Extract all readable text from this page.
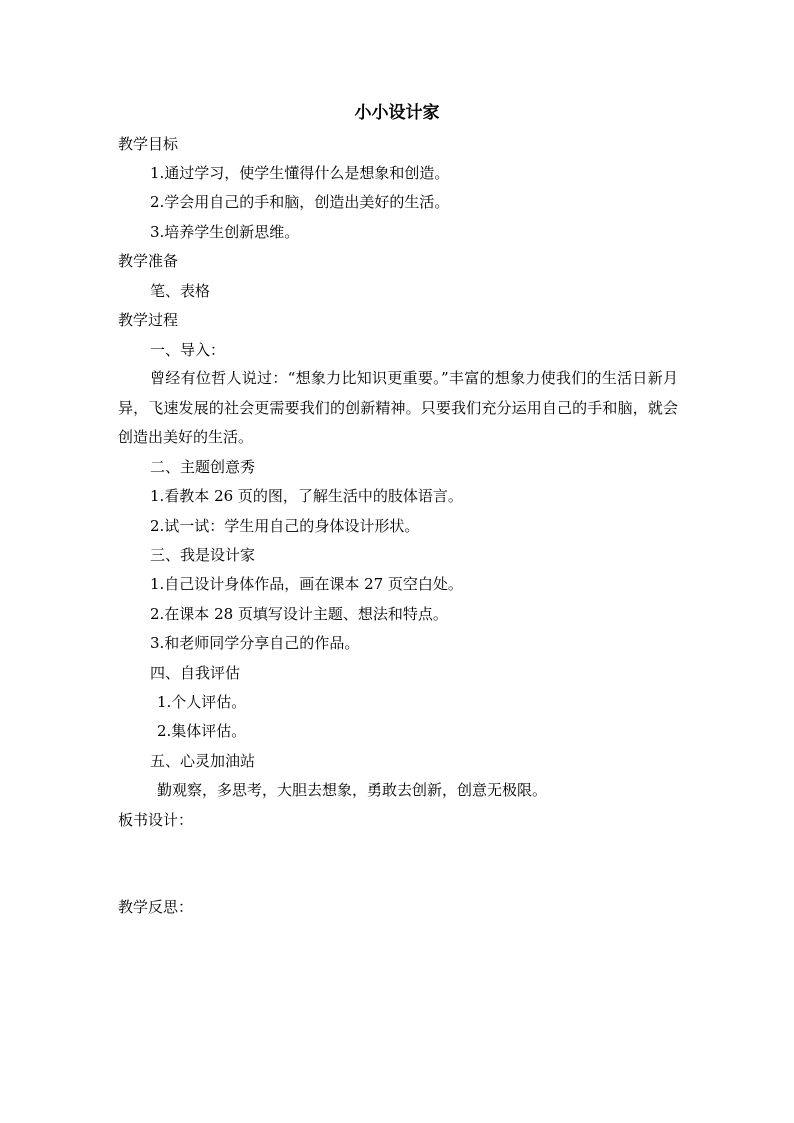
小小设计家

教学目标

1.通过学习，使学生懂得什么是想象和创造。

2.学会用自己的手和脑，创造出美好的生活。

3.培养学生创新思维。

教学准备

笔、表格

教学过程

一、导入：

曾经有位哲人说过：“想象力比知识更重要。”丰富的想象力使我们的生活日新月异，飞速发展的社会更需要我们的创新精神。只要我们充分运用自己的手和脑，就会创造出美好的生活。

二、主题创意秀

1.看教本 26 页的图，了解生活中的肢体语言。

2.试一试：学生用自己的身体设计形状。

三、我是设计家

1.自己设计身体作品，画在课本 27 页空白处。

2.在课本 28 页填写设计主题、想法和特点。

3.和老师同学分享自己的作品。

四、自我评估

1.个人评估。

2.集体评估。

五、心灵加油站

勤观察，多思考，大胆去想象，勇敢去创新，创意无极限。

板书设计：

教学反思：
